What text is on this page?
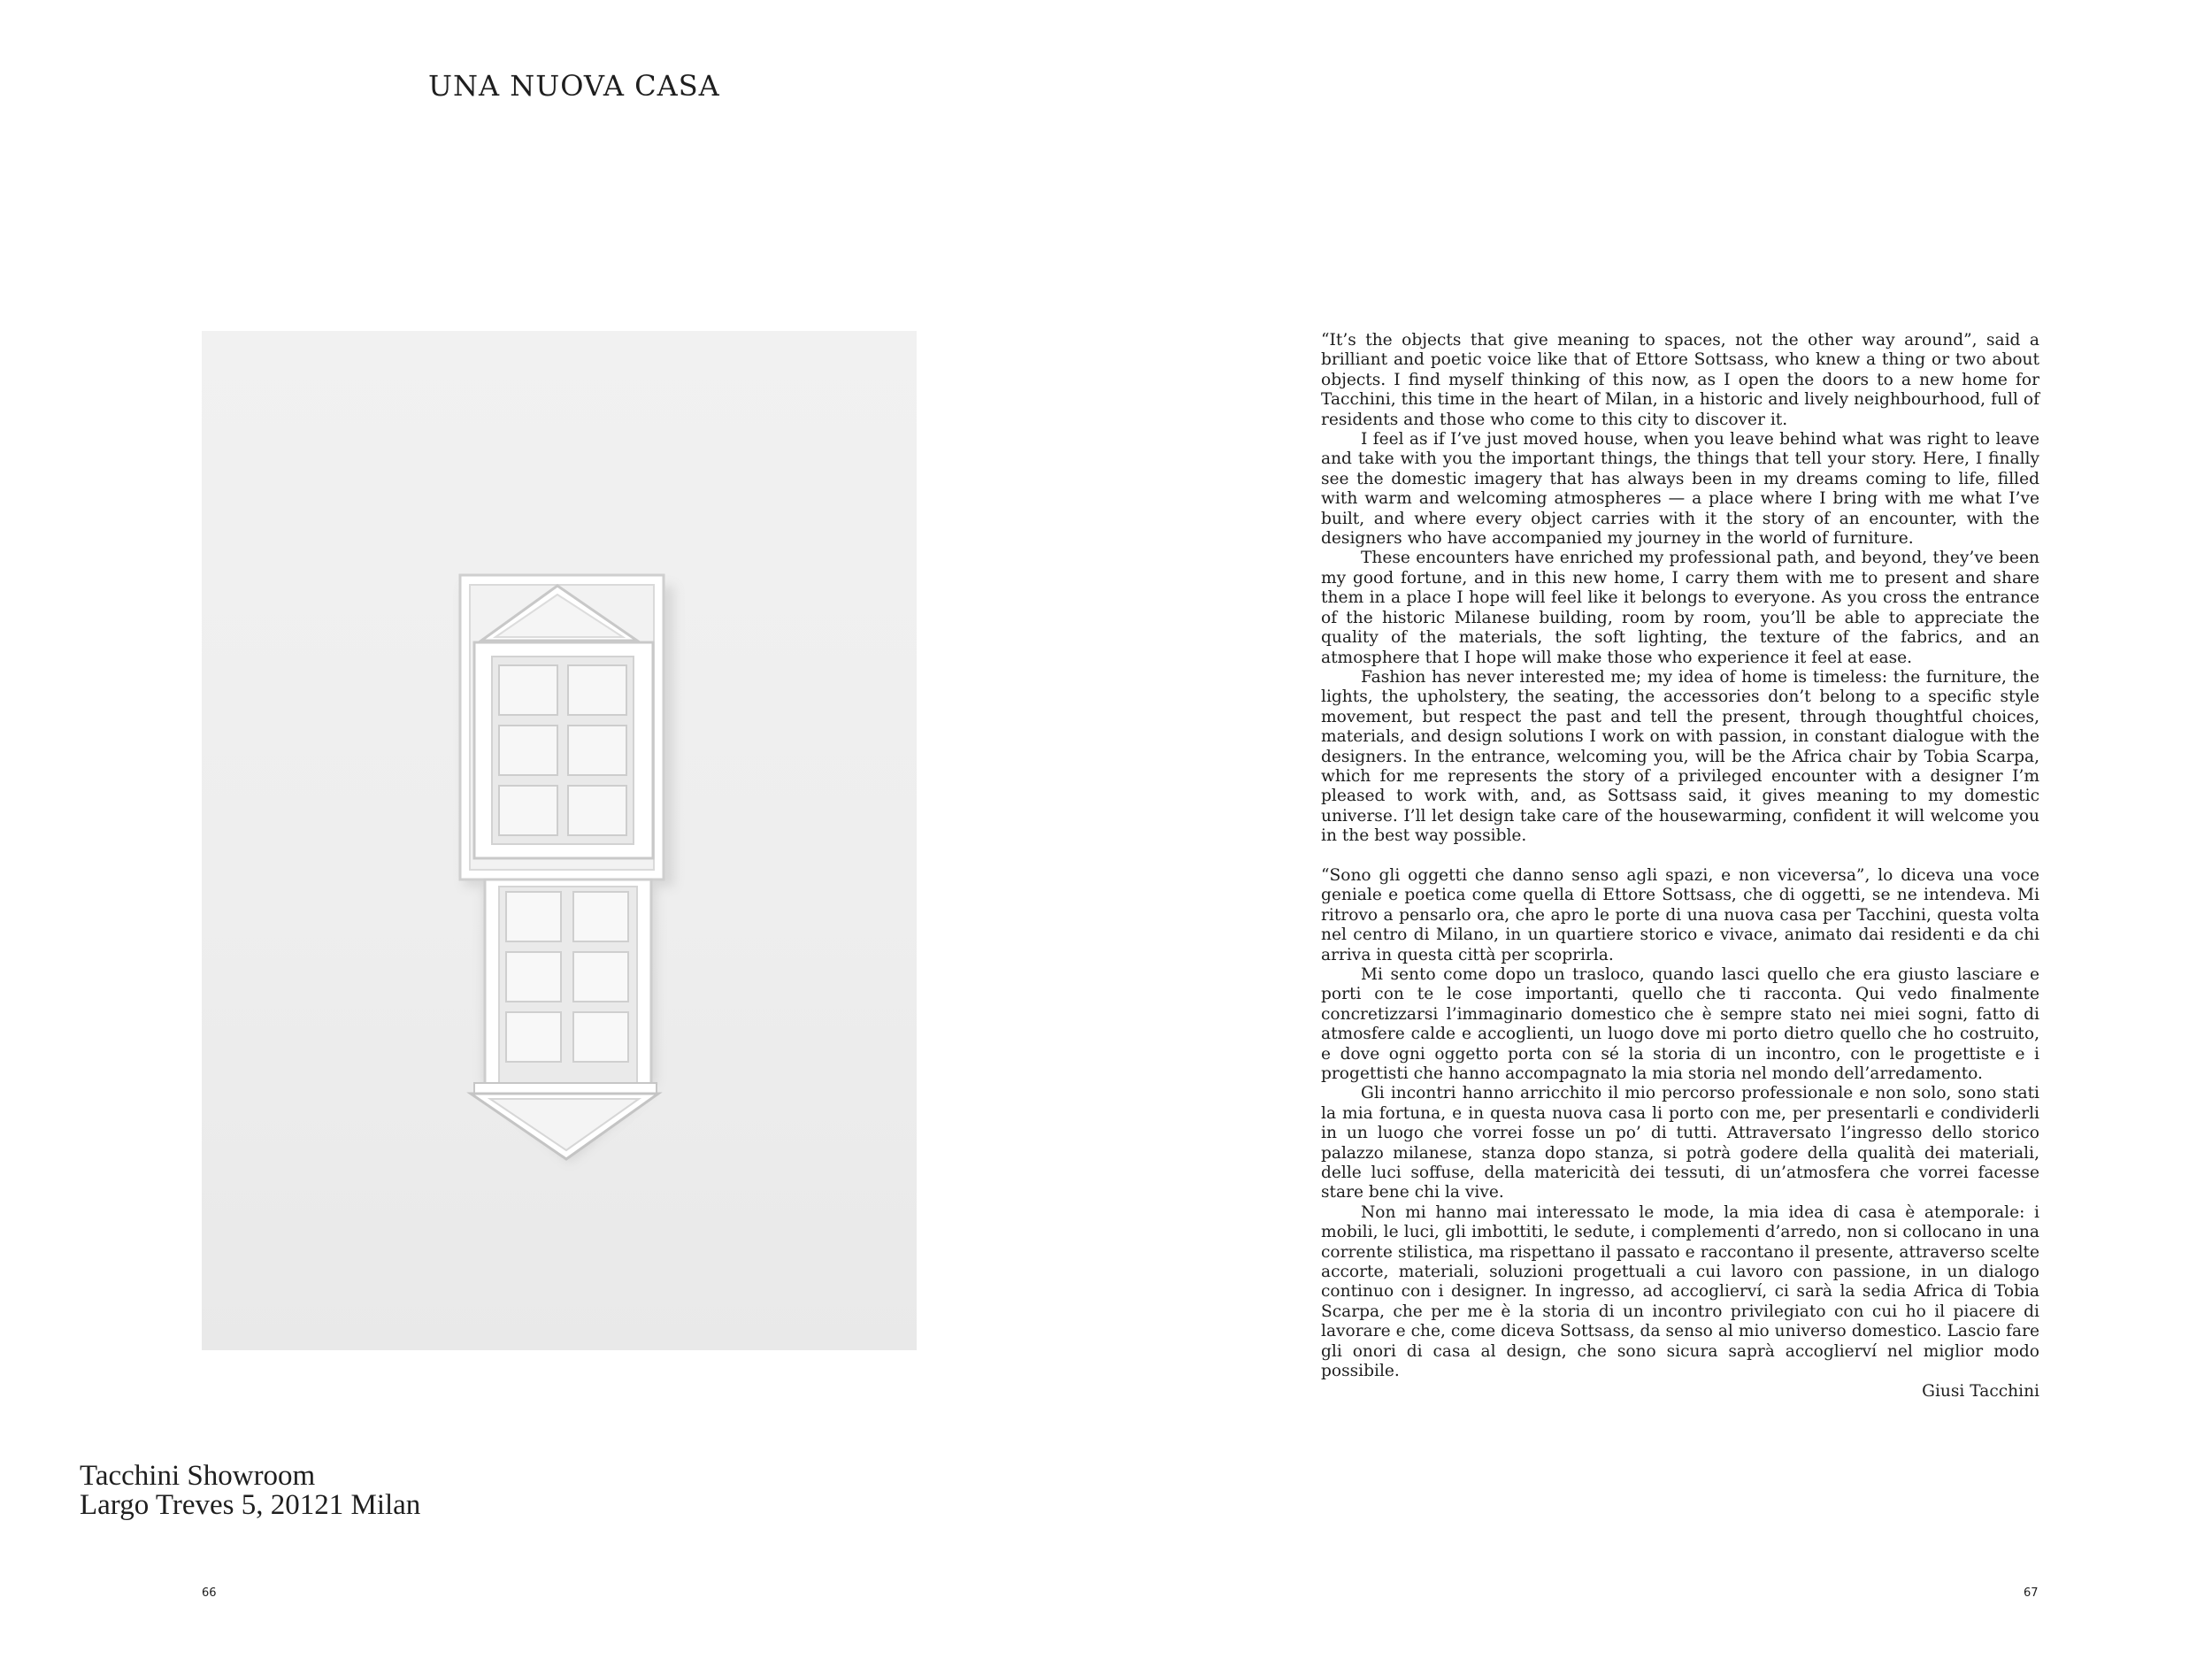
UNA NUOVA CASA
Tacchini Showroom
Largo Treves 5, 20121 Milan
66	67

“It’s the objects that give meaning to spaces, not the other way around”, said a brilliant and poetic voice like that of Ettore Sottsass, who knew a thing or two about objects. I find myself thinking of this now, as I open the doors to a new home for Tacchini, this time in the heart of Milan, in a historic and lively neighbourhood, full of residents and those who come to this city to discover it.

I feel as if I’ve just moved house, when you leave behind what was right to leave and take with you the important things, the things that tell your story. Here, I finally see the domestic imagery that has always been in my dreams coming to life, filled with warm and welcoming atmospheres — a place where I bring with me what I’ve built, and where every object carries with it the story of an encounter, with the designers who have accompanied my journey in the world of furniture.

These encounters have enriched my professional path, and beyond, they’ve been my good fortune, and in this new home, I carry them with me to present and share them in a place I hope will feel like it belongs to everyone. As you cross the entrance of the historic Milanese building, room by room, you’ll be able to appreciate the quality of the materials, the soft lighting, the texture of the fabrics, and an atmosphere that I hope will make those who experience it feel at ease.

Fashion has never interested me; my idea of home is timeless: the furniture, the lights, the upholstery, the seating, the accessories don’t belong to a specific style movement, but respect the past and tell the present, through thoughtful choices, materials, and design solutions I work on with passion, in constant dialogue with the designers. In the entrance, welcoming you, will be the Africa chair by Tobia Scarpa, which for me represents the story of a privileged encounter with a designer I’m pleased to work with, and, as Sottsass said, it gives meaning to my domestic universe. I’ll let design take care of the housewarming, confident it will welcome you in the best way possible.

“Sono gli oggetti che danno senso agli spazi, e non viceversa”, lo diceva una voce geniale e poetica come quella di Ettore Sottsass, che di oggetti, se ne intendeva. Mi ritrovo a pensarlo ora, che apro le porte di una nuova casa per Tacchini, questa volta nel centro di Milano, in un quartiere storico e vivace, animato dai residenti e da chi arriva in questa città per scoprirla.

Mi sento come dopo un trasloco, quando lasci quello che era giusto lasciare e porti con te le cose importanti, quello che ti racconta. Qui vedo finalmente concretizzarsi l’immaginario domestico che è sempre stato nei miei sogni, fatto di atmosfere calde e accoglienti, un luogo dove mi porto dietro quello che ho costruito, e dove ogni oggetto porta con sé la storia di un incontro, con le progettiste e i progettisti che hanno accompagnato la mia storia nel mondo dell’arredamento.

Gli incontri hanno arricchito il mio percorso professionale e non solo, sono stati la mia fortuna, e in questa nuova casa li porto con me, per presentarli e condividerli in un luogo che vorrei fosse un po’ di tutti. Attraversato l’ingresso dello storico palazzo milanese, stanza dopo stanza, si potrà godere della qualità dei materiali, delle luci soffuse, della matericità dei tessuti, di un’atmosfera che vorrei facesse stare bene chi la vive.

Non mi hanno mai interessato le mode, la mia idea di casa è atemporale: i mobili, le luci, gli imbottiti, le sedute, i complementi d’arredo, non si collocano in una corrente stilistica, ma rispettano il passato e raccontano il presente, attraverso scelte accorte, materiali, soluzioni progettuali a cui lavoro con passione, in un dialogo continuo con i designer. In ingresso, ad accoglierví, ci sarà la sedia Africa di Tobia Scarpa, che per me è la storia di un incontro privilegiato con cui ho il piacere di lavorare e che, come diceva Sottsass, da senso al mio universo domestico. Lascio fare gli onori di casa al design, che sono sicura saprà accoglierví nel miglior modo possibile.

Giusi Tacchini
